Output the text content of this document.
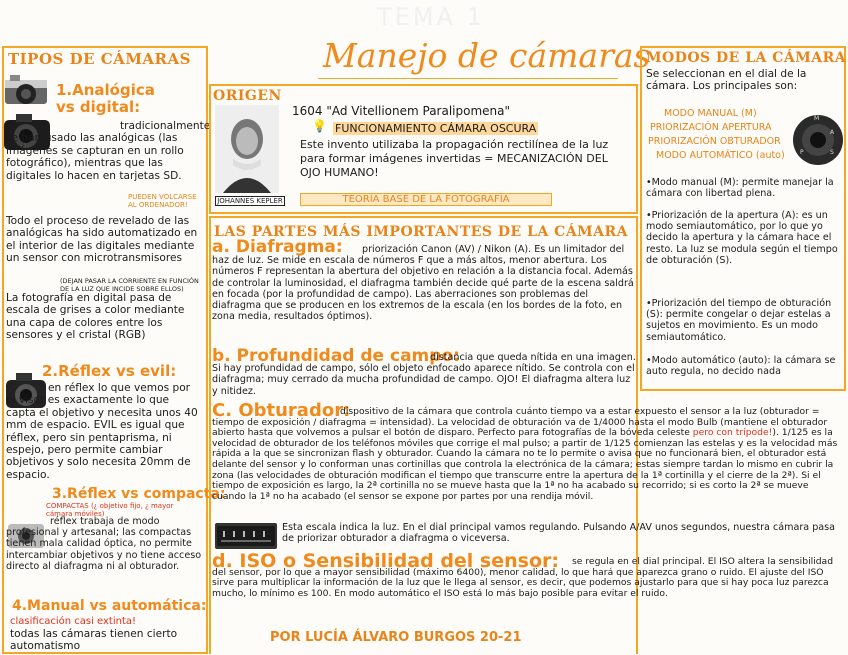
TEMA 1
Manejo de cámaras
TIPOS DE CÁMARAS
1.Analógica vs digital:
tradicionalmente se han usado las analógicas (las imágenes se capturan en un rollo fotográfico), mientras que las digitales lo hacen en tarjetas SD.
PUEDEN VOLCARSE AL ORDENADOR!
Todo el proceso de revelado de las analógicas ha sido automatizado en el interior de las digitales mediante un sensor con microtransmisores
(DEJAN PASAR LA CORRIENTE EN FUNCIÓN DE LA LUZ QUE INCIDE SOBRE ELLOS)
La fotografía en digital pasa de escala de grises a color mediante una capa de colores entre los sensores y el cristal (RGB)
2.Réflex vs evil:
en réflex lo que vemos por el visor es exactamente lo que capta el objetivo y necesita unos 40 mm de espacio. EVIL es igual que réflex, pero sin pentaprisma, ni espejo, pero permite cambiar objetivos y solo necesita 20mm de espacio.
3.Réflex vs compacta:
COMPACTAS (¿ objetivo fijo, ¿ mayor cámara móviles)
réflex trabaja de modo profesional y artesanal; las compactas tienen mala calidad óptica, no permite intercambiar objetivos y no tiene acceso directo al diafragma ni al obturador.
4.Manual vs automática:
clasificación casi extinta!
todas las cámaras tienen cierto automatismo
ORIGEN
JOHANNES KEPLER
1604 "Ad Vitellionem Paralipomena"
💡 FUNCIONAMIENTO CÁMARA OSCURA
Este invento utilizaba la propagación rectilínea de la luz para formar imágenes invertidas = MECANIZACIÓN DEL OJO HUMANO!
TEORÍA BASE DE LA FOTOGRAFÍA
LAS PARTES MÁS IMPORTANTES DE LA CÁMARA
a. Diafragma:	priorización Canon (AV) / Nikon (A). Es un limitador del haz de luz. Se mide en escala de números F que a más altos, menor abertura. Los números F representan la abertura del objetivo en relación a la distancia focal. Además de controlar la luminosidad, el diafragma también decide qué parte de la escena saldrá en focada (por la profundidad de campo). Las aberraciones son problemas del diafragma que se producen en los extremos de la escala (en los bordes de la foto, en zona media, resultados óptimos).
b. Profundidad de campo:
distancia que queda nítida en una imagen. Si hay profundidad de campo, sólo el objeto enfocado aparece nítido. Se controla con el diafragma; muy cerrado da mucha profundidad de campo. OJO! El diafragma altera luz y nitidez.
C. Obturador:
dispositivo de la cámara que controla cuánto tiempo va a estar expuesto el sensor a la luz (obturador = tiempo de exposición / diafragma = intensidad). La velocidad de obturación va de 1/4000 hasta el modo Bulb (mantiene el obturador abierto hasta que volvemos a pulsar el botón de disparo. Perfecto para fotografías de la bóveda celeste pero con trípode!). 1/125 es la velocidad de obturador de los teléfonos móviles que corrige el mal pulso; a partir de 1/125 comienzan las estelas y es la velocidad más rápida a la que se sincronizan flash y obturador. Cuando la cámara no te lo permite o avisa que no funcionará bien, el obturador está delante del sensor y lo conforman unas cortinillas que controla la electrónica de la cámara; estas siempre tardan lo mismo en cubrir la zona (las velocidades de obturación modifican el tiempo que transcurre entre la apertura de la 1ª cortinilla y el cierre de la 2ª). Si el tiempo de exposición es largo, la 2ª cortinilla no se mueve hasta que la 1ª no ha acabado su recorrido; si es corto la 2ª se mueve cuando la 1ª no ha acabado (el sensor se expone por partes por una rendija móvil.
Esta escala indica la luz. En el dial principal vamos regulando. Pulsando A/AV unos segundos, nuestra cámara pasa de priorizar obturador a diafragma o viceversa.
d. ISO o Sensibilidad del sensor:	se regula en el dial principal. El ISO altera la sensibilidad del sensor, por lo que a mayor sensibilidad (máximo 6400), menor calidad, lo que hará que aparezca grano o ruido. El ajuste del ISO sirve para multiplicar la información de la luz que le llega al sensor, es decir, que podemos ajustarlo para que si hay poca luz parezca mucho, lo mínimo es 100. En modo automático el ISO está lo más bajo posible para evitar el ruido.
POR LUCÍA ÁLVARO BURGOS 20-21
MODOS DE LA CÁMARA
Se seleccionan en el dial de la cámara. Los principales son:
MODO MANUAL (M)
PRIORIZACIÓN APERTURA
PRIORIZACIÓN OBTURADOR
MODO AUTOMÁTICO (auto)
M
A
S
P
•Modo manual (M): permite manejar la cámara con libertad plena.
•Priorización de la apertura (A): es un modo semiautomático, por lo que yo decido la apertura y la cámara hace el resto. La luz se modula según el tiempo de obturación (S).
•Priorización del tiempo de obturación (S): permite congelar o dejar estelas a sujetos en movimiento. Es un modo semiautomático.
•Modo automático (auto): la cámara se auto regula, no decido nada
